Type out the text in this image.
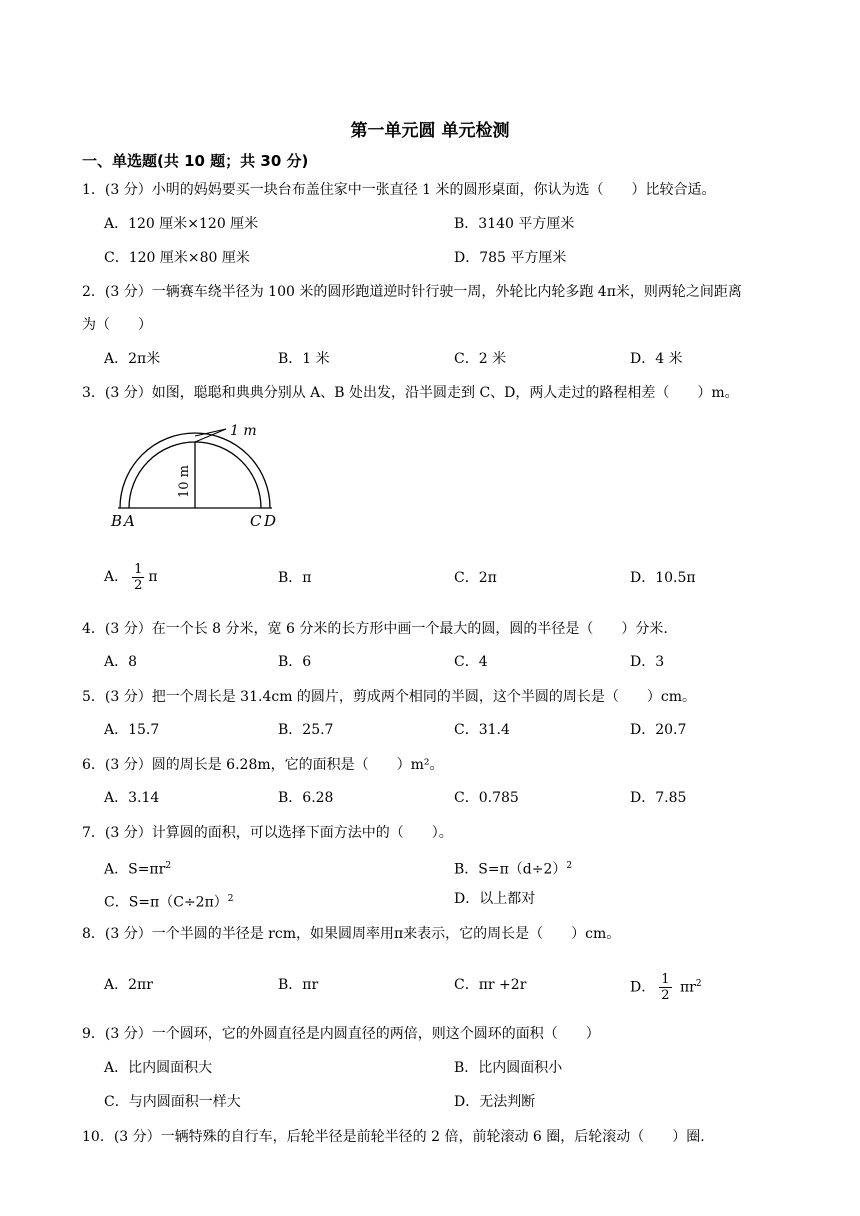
第一单元圆 单元检测
一、单选题(共 10 题；共 30 分)
1．(3 分）小明的妈妈要买一块台布盖住家中一张直径 1 米的圆形桌面，你认为选（　　）比较合适。
A．120 厘米×120 厘米	B．3140 平方厘米
C．120 厘米×80 厘米	D．785 平方厘米
2．(3 分）一辆赛车绕半径为 100 米的圆形跑道逆时针行驶一周，外轮比内轮多跑 4π米，则两轮之间距离
为（　　）
A．2π米	B．1 米	C．2 米	D．4 米
3．(3 分）如图，聪聪和典典分别从 A、B 处出发，沿半圆走到 C、D，两人走过的路程相差（　　）m。
1 m
10 m
B A	C D
A． $\frac{1}{2}$ π	B．π	C．2π	D．10.5π
4．(3 分）在一个长 8 分米，宽 6 分米的长方形中画一个最大的圆，圆的半径是（　　）分米.
A．8	B．6	C．4	D．3
5．(3 分）把一个周长是 31.4cm 的圆片，剪成两个相同的半圆，这个半圆的周长是（　　）cm。
A．15.7	B．25.7	C．31.4	D．20.7
6．(3 分）圆的周长是 6.28m，它的面积是（　　）m²。
A．3.14	B．6.28	C．0.785	D．7.85
7．(3 分）计算圆的面积，可以选择下面方法中的（　　）。
A．$S=\pi r^2$	B．$S=\pi(d\div 2)^2$
C．$S=\pi(C\div 2\pi)^2$	D．以上都对
8．(3 分）一个半圆的半径是 rcm，如果圆周率用π来表示，它的周长是（　　）cm。
A．2πr	B．πr	C．πr +2r	D． $\frac{1}{2} \pi r^2$
9．(3 分）一个圆环，它的外圆直径是内圆直径的两倍，则这个圆环的面积（　　）
A．比内圆面积大	B．比内圆面积小
C．与内圆面积一样大	D．无法判断
10．(3 分）一辆特殊的自行车，后轮半径是前轮半径的 2 倍，前轮滚动 6 圈，后轮滚动（　　）圈.
